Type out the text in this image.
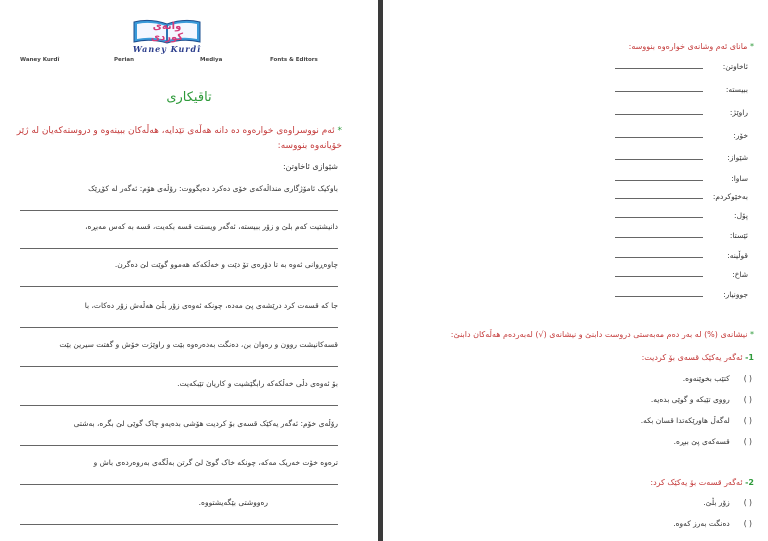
وانەی کوردی
Waney Kurdî
Waney Kurdî	Perian	Mediya	Fonts & Editors
تاقیکاری
* ئەم نووسراوەی خوارەوە دە دانە هەڵەی تێدایە، هەڵەکان ببینەوە و دروستەکەیان لە ژێر خۆیانەوە بنووسە:
شێوازی ئاخاوتن:
باوکیک ئامۆژگاری منداڵەکەی خۆی دەکرد دەیگووت: رۆڵەی هۆم: ئەگەر لە کۆڕێک
دانیشتیت کەم بلێ و زۆر ببیستە، ئەگەر ویستت قسە بکەیت، قسە بە کەس مەبڕە،
چاوەڕوانی ئەوە بە تا دۆرەی تۆ دێت و خەڵکەکە هەموو گوێت لێ دەگرن.
جا کە قسەت کرد درێشەی پێ مەدە، چونکە ئەوەی زۆر بڵێ هەڵەش زۆر دەکات، با
قسەکانیشت روون و رەوان بن، دەنگت بەدەرەوە بێت و راوێژت خۆش و گفتت سیرین بێت
بۆ ئەوەی دڵی خەڵکەکە رابگێشیت و کاریان تێبکەیت.
رۆڵەی خۆم: ئەگەر یەکێک قسەی بۆ کردیت هۆشی بدەیەو چاک گوێی لێ بگرە، بەشتی
ترەوە خۆت خەریک مەکە، چونکە خاک گوێ لێ گرتن بەڵگەی بەروەردەی باش و
رەووشتی بێگەیشتووە.
* ماناى ئەم وشانەى خوارەوە بنووسە:
ئاخاوتن:
ببیستە:
راوێژ:
خۆر:
شێواز:
ساوا:
بەخێوکردم:
پۆل:
ئێستا:
قوڵینە:
شاخ:
جوونیار:
* نیشانەی (%) لە بەر دەم مەبەستی دروست دابنێ و نیشانەی (√) لەبەردەم هەڵەکان دابنێ:
1- ئەگەر یەکێک قسەی بۆ کردیت:
( )کتێب بخوێنەوە.
( )رووی تێبکە و گوێی بدەیە.
( )لەگەڵ هاورێکەتدا قسان بکە.
( )قسەکەی پێ ببڕە.
2- ئەگەر قسەت بۆ یەکێک کرد:
( )زۆر بڵێ.
( )دەنگت بەرز کەوە.
